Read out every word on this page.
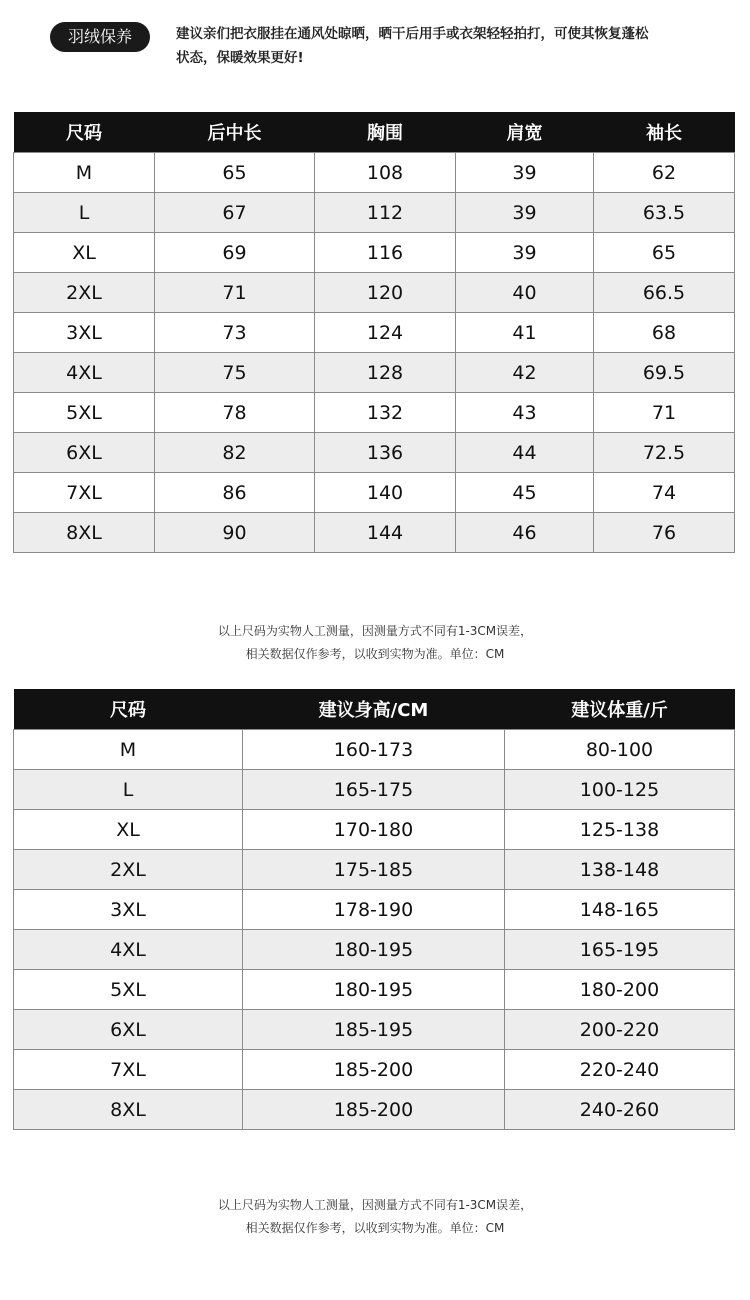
羽绒保养	建议亲们把衣服挂在通风处晾晒，晒干后用手或衣架轻轻拍打，可使其恢复蓬松
状态，保暖效果更好!
尺码	后中长	胸围	肩宽	袖长
M	65	108	39	62
L	67	112	39	63.5
XL	69	116	39	65
2XL	71	120	40	66.5
3XL	73	124	41	68
4XL	75	128	42	69.5
5XL	78	132	43	71
6XL	82	136	44	72.5
7XL	86	140	45	74
8XL	90	144	46	76
以上尺码为实物人工测量，因测量方式不同有1-3CM误差，
相关数据仅作参考，以收到实物为准。单位：CM
尺码	建议身高/CM	建议体重/斤
M	160-173	80-100
L	165-175	100-125
XL	170-180	125-138
2XL	175-185	138-148
3XL	178-190	148-165
4XL	180-195	165-195
5XL	180-195	180-200
6XL	185-195	200-220
7XL	185-200	220-240
8XL	185-200	240-260
以上尺码为实物人工测量，因测量方式不同有1-3CM误差，
相关数据仅作参考，以收到实物为准。单位：CM
